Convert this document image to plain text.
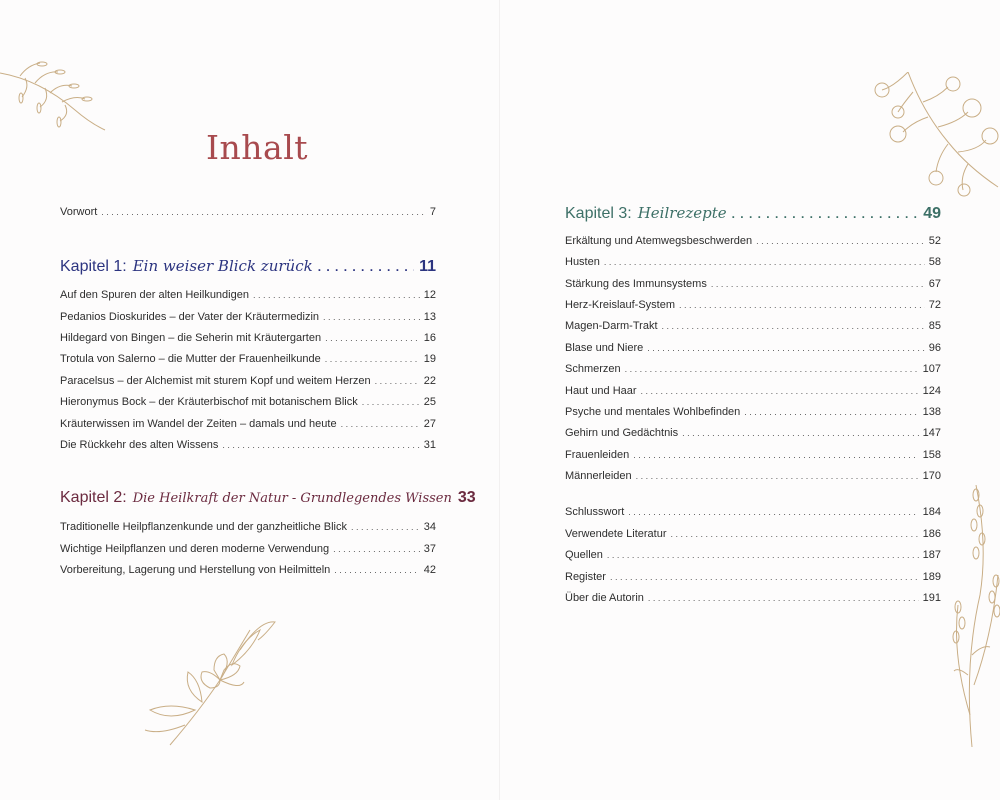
Inhalt
Vorwort . . .	7
Kapitel 1: Ein weiser Blick zurück . . .	11
Auf den Spuren der alten Heilkundigen . . .	12
Pedanios Dioskurides – der Vater der Kräutermedizin . . .	13
Hildegard von Bingen – die Seherin mit Kräutergarten . . .	16
Trotula von Salerno – die Mutter der Frauenheilkunde . . .	19
Paracelsus – der Alchemist mit sturem Kopf und weitem Herzen . . .	22
Hieronymus Bock – der Kräuterbischof mit botanischem Blick . . .	25
Kräuterwissen im Wandel der Zeiten – damals und heute . . .	27
Die Rückkehr des alten Wissens . . .	31
Kapitel 2: Die Heilkraft der Natur - Grundlegendes Wissen 33
Traditionelle Heilpflanzenkunde und der ganzheitliche Blick . . .	34
Wichtige Heilpflanzen und deren moderne Verwendung . . .	37
Vorbereitung, Lagerung und Herstellung von Heilmitteln . . .	42
Kapitel 3: Heilrezepte . . .	49
Erkältung und Atemwegsbeschwerden . . .	52
Husten . . .	58
Stärkung des Immunsystems . . .	67
Herz-Kreislauf-System . . .	72
Magen-Darm-Trakt . . .	85
Blase und Niere . . .	96
Schmerzen . . .	107
Haut und Haar . . .	124
Psyche und mentales Wohlbefinden . . .	138
Gehirn und Gedächtnis . . .	147
Frauenleiden . . .	158
Männerleiden . . .	170
Schlusswort . . .	184
Verwendete Literatur . . .	186
Quellen . . .	187
Register . . .	189
Über die Autorin . . .	191
